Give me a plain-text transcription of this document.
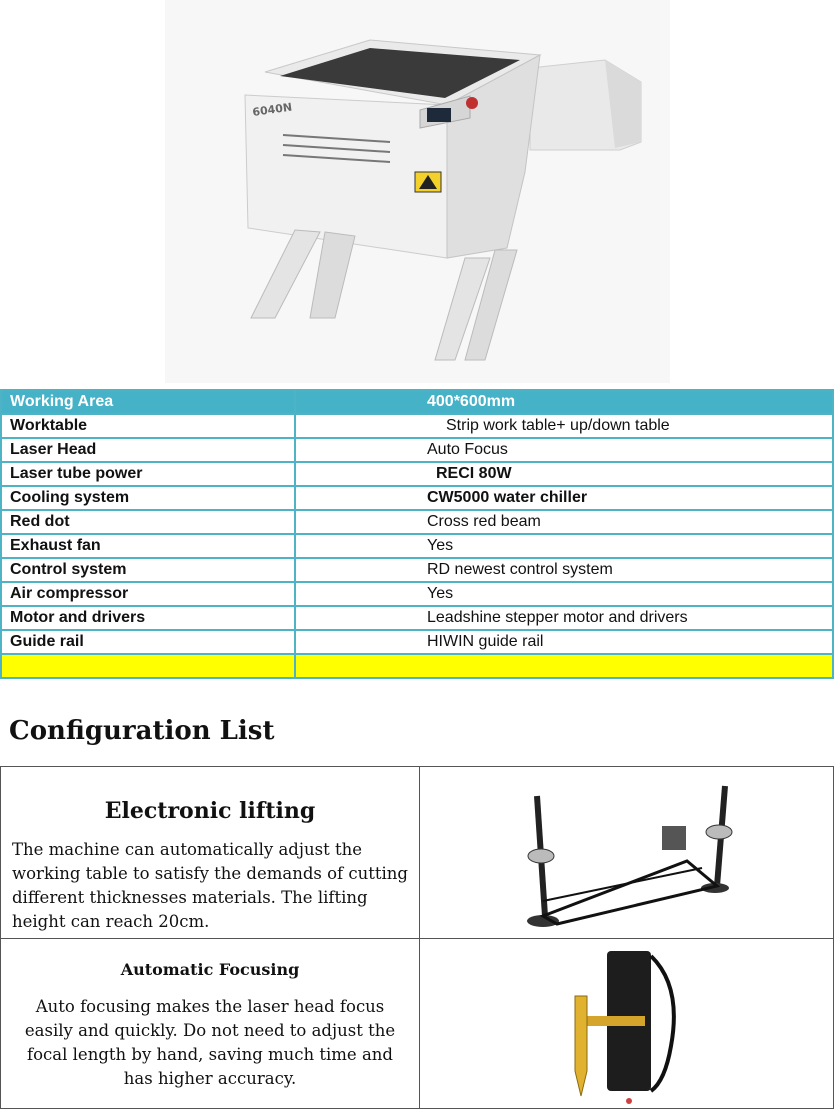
6040N
Working Area	400*600mm
Worktable	Strip work table+ up/down table
Laser Head	Auto Focus
Laser tube power	RECI 80W
Cooling system	CW5000 water chiller
Red dot	Cross red beam
Exhaust fan	Yes
Control system	RD newest control system
Air compressor	Yes
Motor and drivers	Leadshine stepper motor and drivers
Guide rail	HIWIN guide rail

Configuration List
Electronic lifting

The machine can automatically adjust the working table to satisfy the demands of cutting different thicknesses materials. The lifting height can reach 20cm.

Automatic Focusing

Auto focusing makes the laser head focus easily and quickly. Do not need to adjust the focal length by hand, saving much time and has higher accuracy.
